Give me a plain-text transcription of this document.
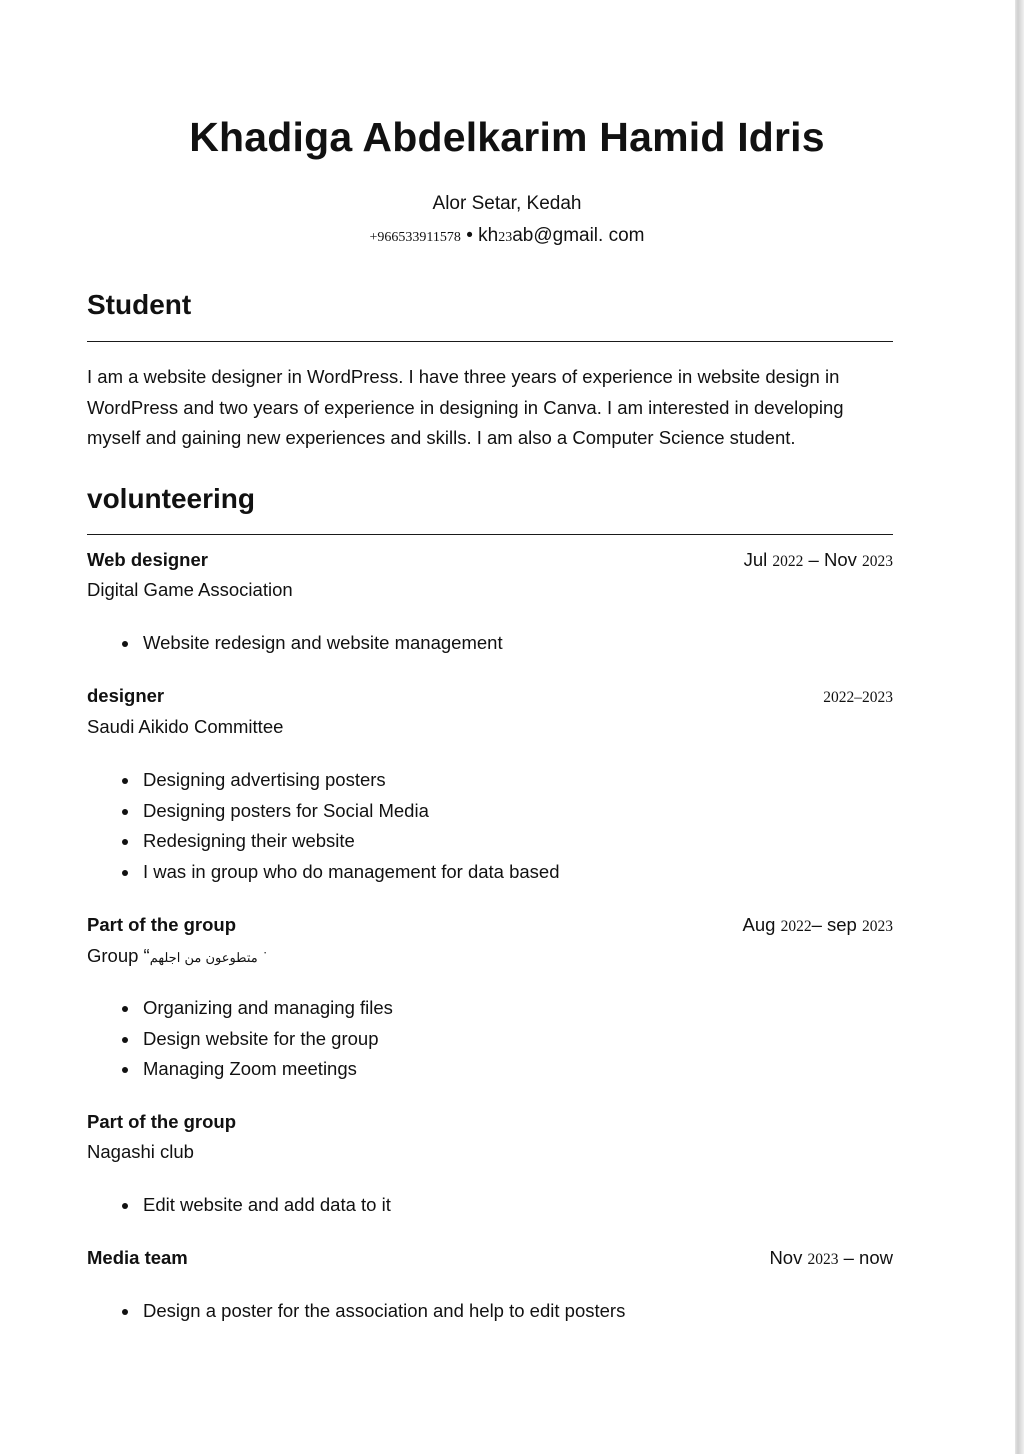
Khadiga Abdelkarim Hamid Idris
Alor Setar, Kedah
+966533911578 • kh23ab@gmail. com
Student

I am a website designer in WordPress. I have three years of experience in website design in WordPress and two years of experience in designing in Canva. I am interested in developing myself and gaining new experiences and skills. I am also a Computer Science student.

volunteering
Web designer	Jul 2022 – Nov 2023
Digital Game Association
Website redesign and website management
designer	2022–2023
Saudi Aikido Committee
Designing advertising posters
Designing posters for Social Media
Redesigning their website
I was in group who do management for data based
Part of the group	Aug 2022– sep 2023
Group “متطوعون من اجلهم ˙
Organizing and managing files
Design website for the group
Managing Zoom meetings
Part of the group
Nagashi club
Edit website and add data to it
Media team	Nov 2023 – now
Design a poster for the association and help to edit posters
